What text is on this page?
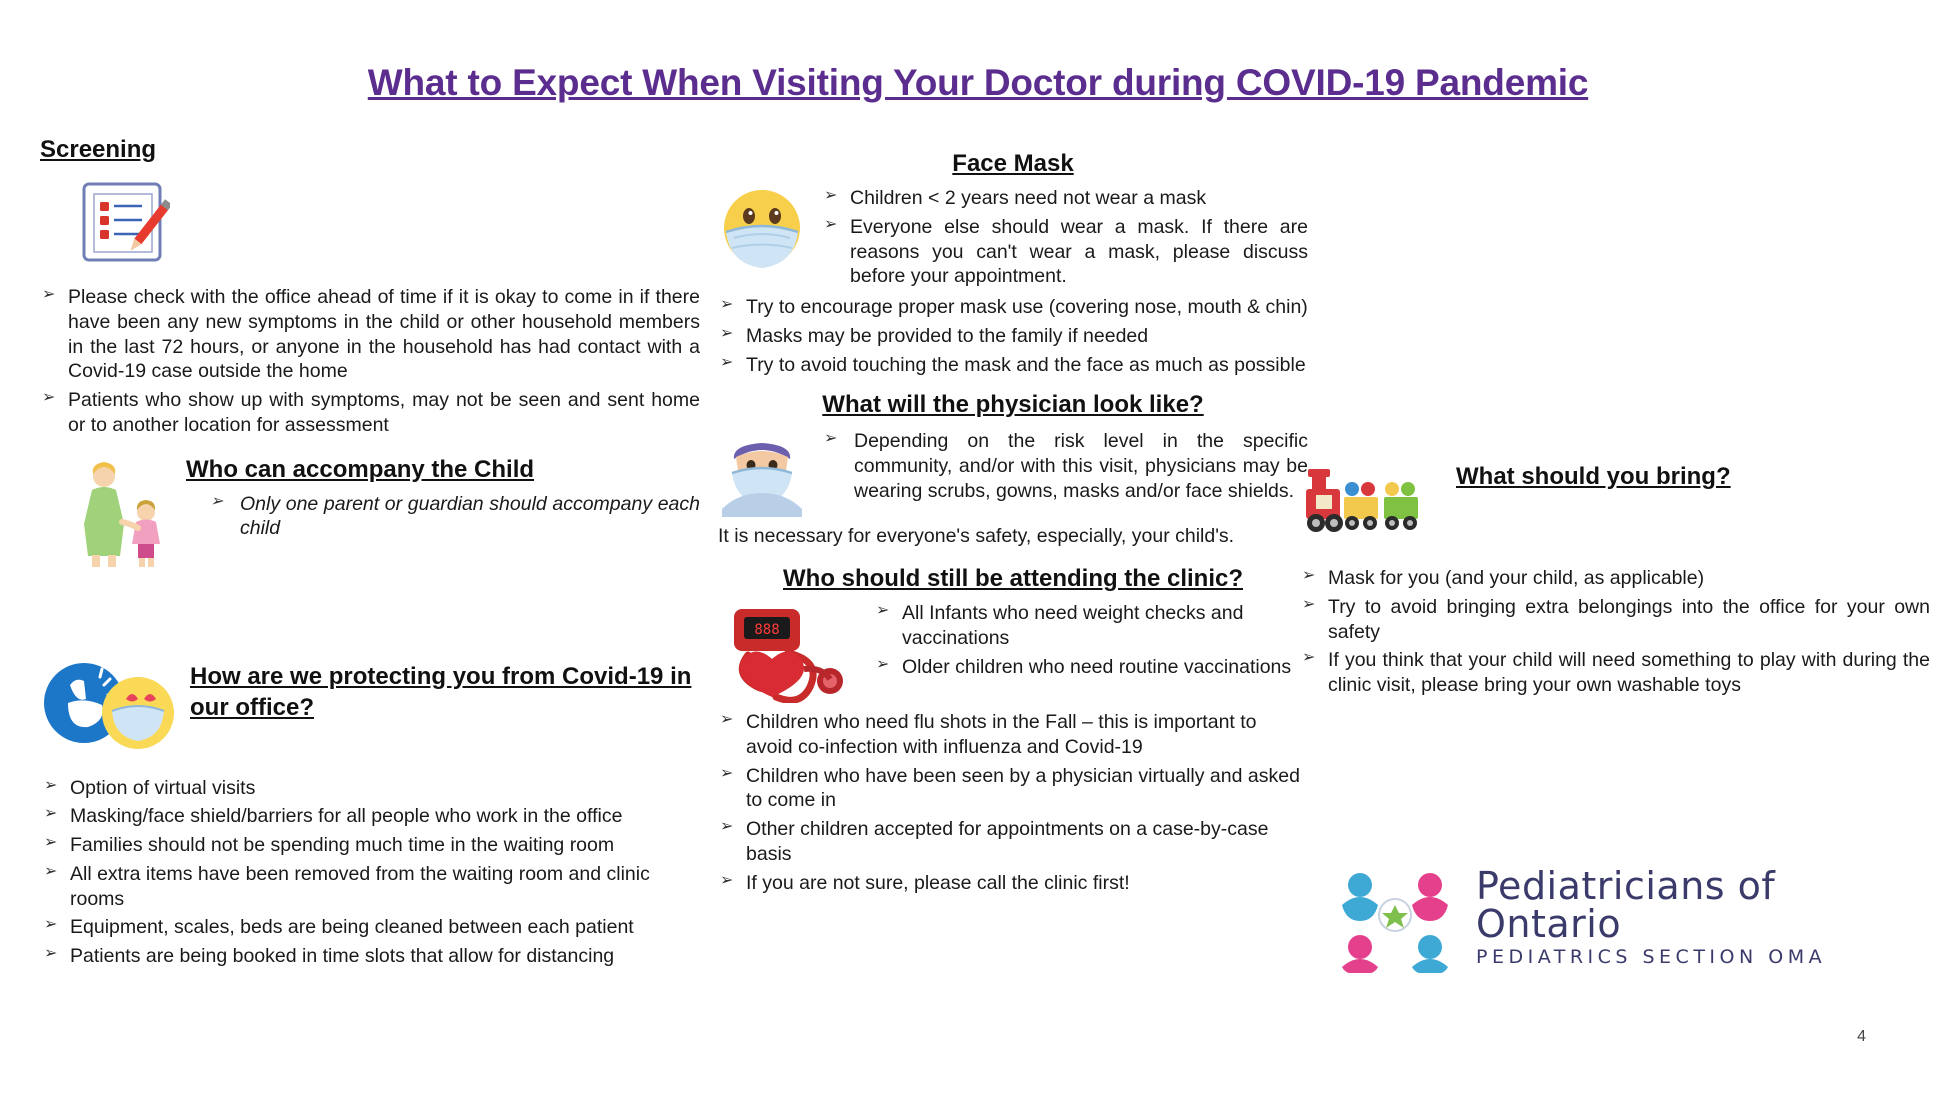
What to Expect When Visiting Your Doctor during COVID-19 Pandemic
Screening
➢ Please check with the office ahead of time if it is okay to come in if there have been any new symptoms in the child or other household members in the last 72 hours, or anyone in the household has had contact with a Covid-19 case outside the home
➢ Patients who show up with symptoms, may not be seen and sent home or to another location for assessment
Who can accompany the Child
➢ Only one parent or guardian should accompany each child
How are we protecting you from Covid-19 in our office?
➢ Option of virtual visits
➢ Masking/face shield/barriers for all people who work in the office
➢ Families should not be spending much time in the waiting room
➢ All extra items have been removed from the waiting room and clinic rooms
➢ Equipment, scales, beds are being cleaned between each patient
➢ Patients are being booked in time slots that allow for distancing
Face Mask
➢ Children < 2 years need not wear a mask
➢ Everyone else should wear a mask. If there are reasons you can't wear a mask, please discuss before your appointment.
➢ Try to encourage proper mask use (covering nose, mouth & chin)
➢ Masks may be provided to the family if needed
➢ Try to avoid touching the mask and the face as much as possible
What will the physician look like?
➢ Depending on the risk level in the specific community, and/or with this visit, physicians may be wearing scrubs, gowns, masks and/or face shields.

It is necessary for everyone's safety, especially, your child's.

Who should still be attending the clinic?
888
➢ All Infants who need weight checks and vaccinations
➢ Older children who need routine vaccinations
➢ Children who need flu shots in the Fall – this is important to avoid co-infection with influenza and Covid-19
➢ Children who have been seen by a physician virtually and asked to come in
➢ Other children accepted for appointments on a case-by-case basis
➢ If you are not sure, please call the clinic first!
What should you bring?
➢ Mask for you (and your child, as applicable)
➢ Try to avoid bringing extra belongings into the office for your own safety
➢ If you think that your child will need something to play with during the clinic visit, please bring your own washable toys
Pediatricians of Ontario
PEDIATRICS SECTION OMA
4
